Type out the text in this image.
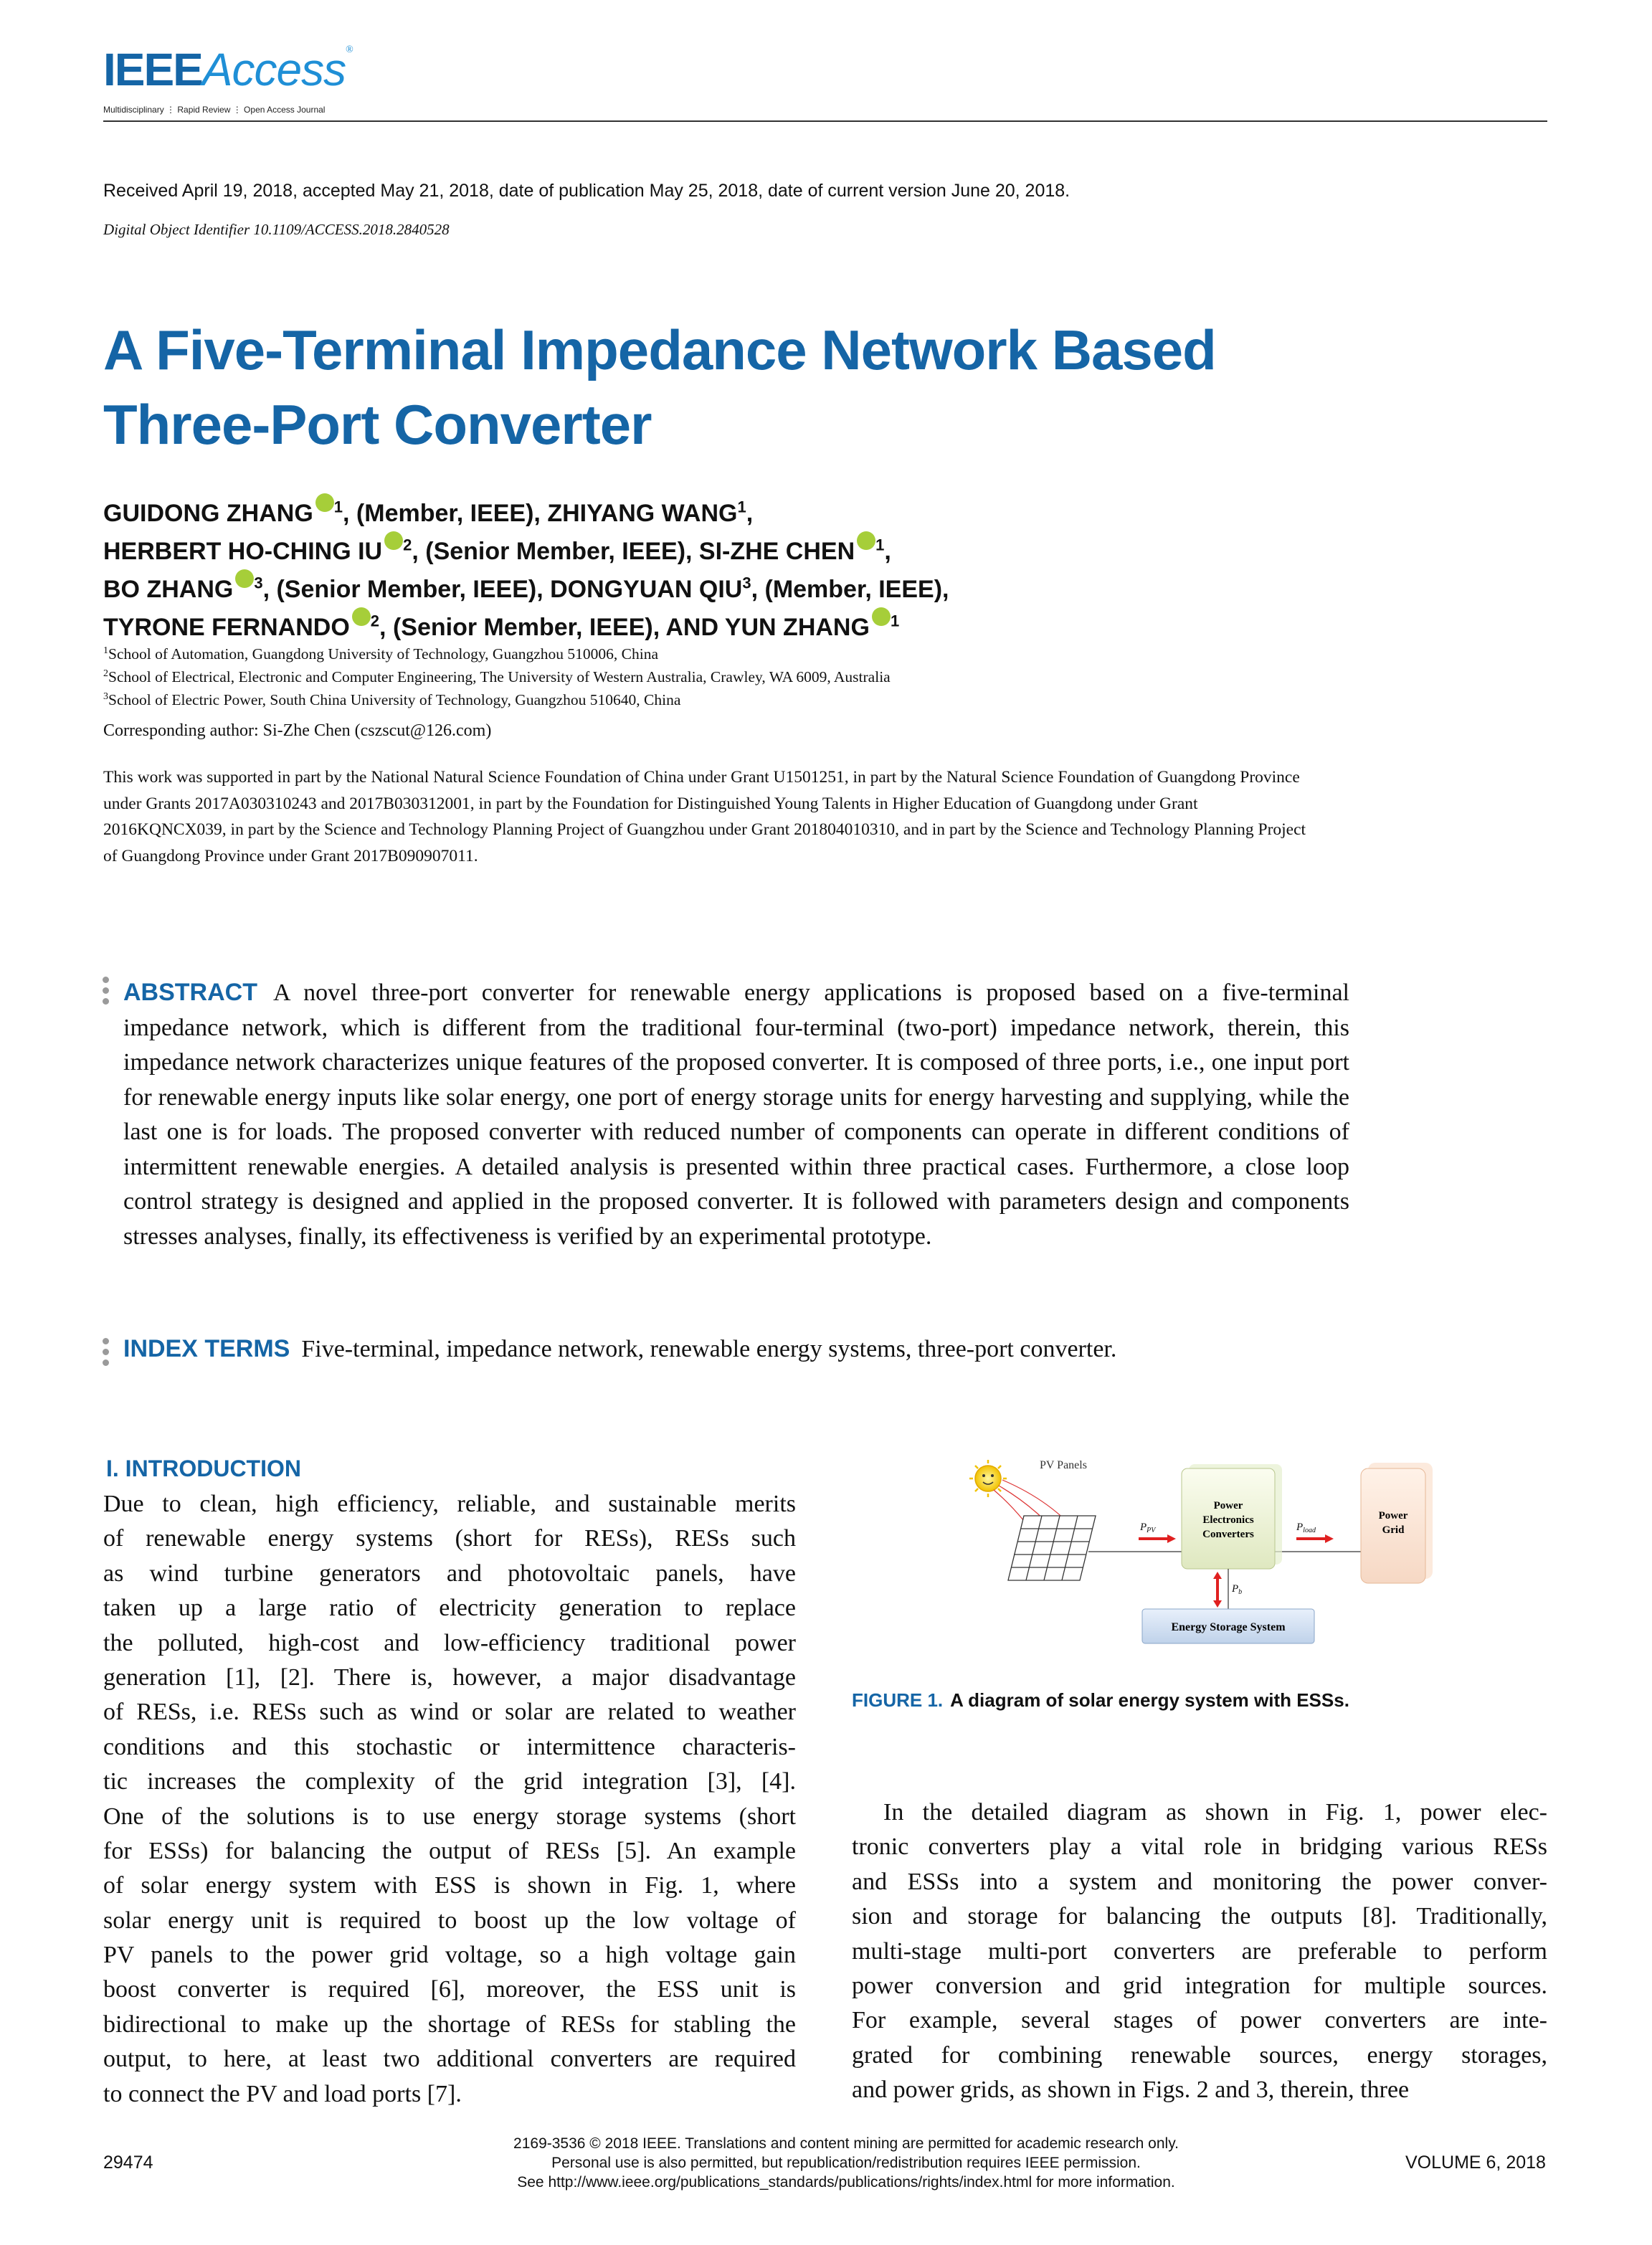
IEEEAccess®
Multidisciplinary ⋮ Rapid Review ⋮ Open Access Journal
Received April 19, 2018, accepted May 21, 2018, date of publication May 25, 2018, date of current version June 20, 2018.
Digital Object Identifier 10.1109/ACCESS.2018.2840528
A Five-Terminal Impedance Network Based
Three-Port Converter
GUIDONG ZHANG iD $^1$, (Member, IEEE), ZHIYANG WANG$^1$,
HERBERT HO-CHING IU iD $^2$, (Senior Member, IEEE), SI-ZHE CHEN iD $^1$,
BO ZHANG iD $^3$, (Senior Member, IEEE), DONGYUAN QIU$^3$, (Member, IEEE),
TYRONE FERNANDO iD $^2$, (Senior Member, IEEE), AND YUN ZHANG iD $^1$
$^1$School of Automation, Guangdong University of Technology, Guangzhou 510006, China
$^2$School of Electrical, Electronic and Computer Engineering, The University of Western Australia, Crawley, WA 6009, Australia
$^3$School of Electric Power, South China University of Technology, Guangzhou 510640, China
Corresponding author: Si-Zhe Chen (cszscut@126.com)
This work was supported in part by the National Natural Science Foundation of China under Grant U1501251, in part by the Natural Science Foundation of Guangdong Province under Grants 2017A030310243 and 2017B030312001, in part by the Foundation for Distinguished Young Talents in Higher Education of Guangdong under Grant 2016KQNCX039, in part by the Science and Technology Planning Project of Guangzhou under Grant 201804010310, and in part by the Science and Technology Planning Project of Guangdong Province under Grant 2017B090907011.
ABSTRACT A novel three-port converter for renewable energy applications is proposed based on a five-terminal impedance network, which is different from the traditional four-terminal (two-port) impedance network, therein, this impedance network characterizes unique features of the proposed converter. It is composed of three ports, i.e., one input port for renewable energy inputs like solar energy, one port of energy storage units for energy harvesting and supplying, while the last one is for loads. The proposed converter with reduced number of components can operate in different conditions of intermittent renewable energies. A detailed analysis is presented within three practical cases. Furthermore, a close loop control strategy is designed and applied in the proposed converter. It is followed with parameters design and components stresses analyses, finally, its effectiveness is verified by an experimental prototype.
INDEX TERMS Five-terminal, impedance network, renewable energy systems, three-port converter.
I. INTRODUCTION
Due to clean, high efficiency, reliable, and sustainable merits
of renewable energy systems (short for RESs), RESs such
as wind turbine generators and photovoltaic panels, have
taken up a large ratio of electricity generation to replace
the polluted, high-cost and low-efficiency traditional power
generation [1], [2]. There is, however, a major disadvantage
of RESs, i.e. RESs such as wind or solar are related to weather
conditions and this stochastic or intermittence characteris-
tic increases the complexity of the grid integration [3], [4].
One of the solutions is to use energy storage systems (short
for ESSs) for balancing the output of RESs [5]. An example
of solar energy system with ESS is shown in Fig. 1, where
solar energy unit is required to boost up the low voltage of
PV panels to the power grid voltage, so a high voltage gain
boost converter is required [6], moreover, the ESS unit is
bidirectional to make up the shortage of RESs for stabling the
output, to here, at least two additional converters are required
to connect the PV and load ports [7].
In the detailed diagram as shown in Fig. 1, power elec-
tronic converters play a vital role in bridging various RESs
and ESSs into a system and monitoring the power conver-
sion and storage for balancing the outputs [8]. Traditionally,
multi-stage multi-port converters are preferable to perform
power conversion and grid integration for multiple sources.
For example, several stages of power converters are inte-
grated for combining renewable sources, energy storages,
and power grids, as shown in Figs. 2 and 3, therein, three
PV Panels
$P_{PV}$
Power
Electronics
Converters
$P_{load}$
Power
Grid
$P_b$
Energy Storage System
FIGURE 1. A diagram of solar energy system with ESSs.
29474
2169-3536 © 2018 IEEE. Translations and content mining are permitted for academic research only.
Personal use is also permitted, but republication/redistribution requires IEEE permission.
See http://www.ieee.org/publications_standards/publications/rights/index.html for more information.
VOLUME 6, 2018
